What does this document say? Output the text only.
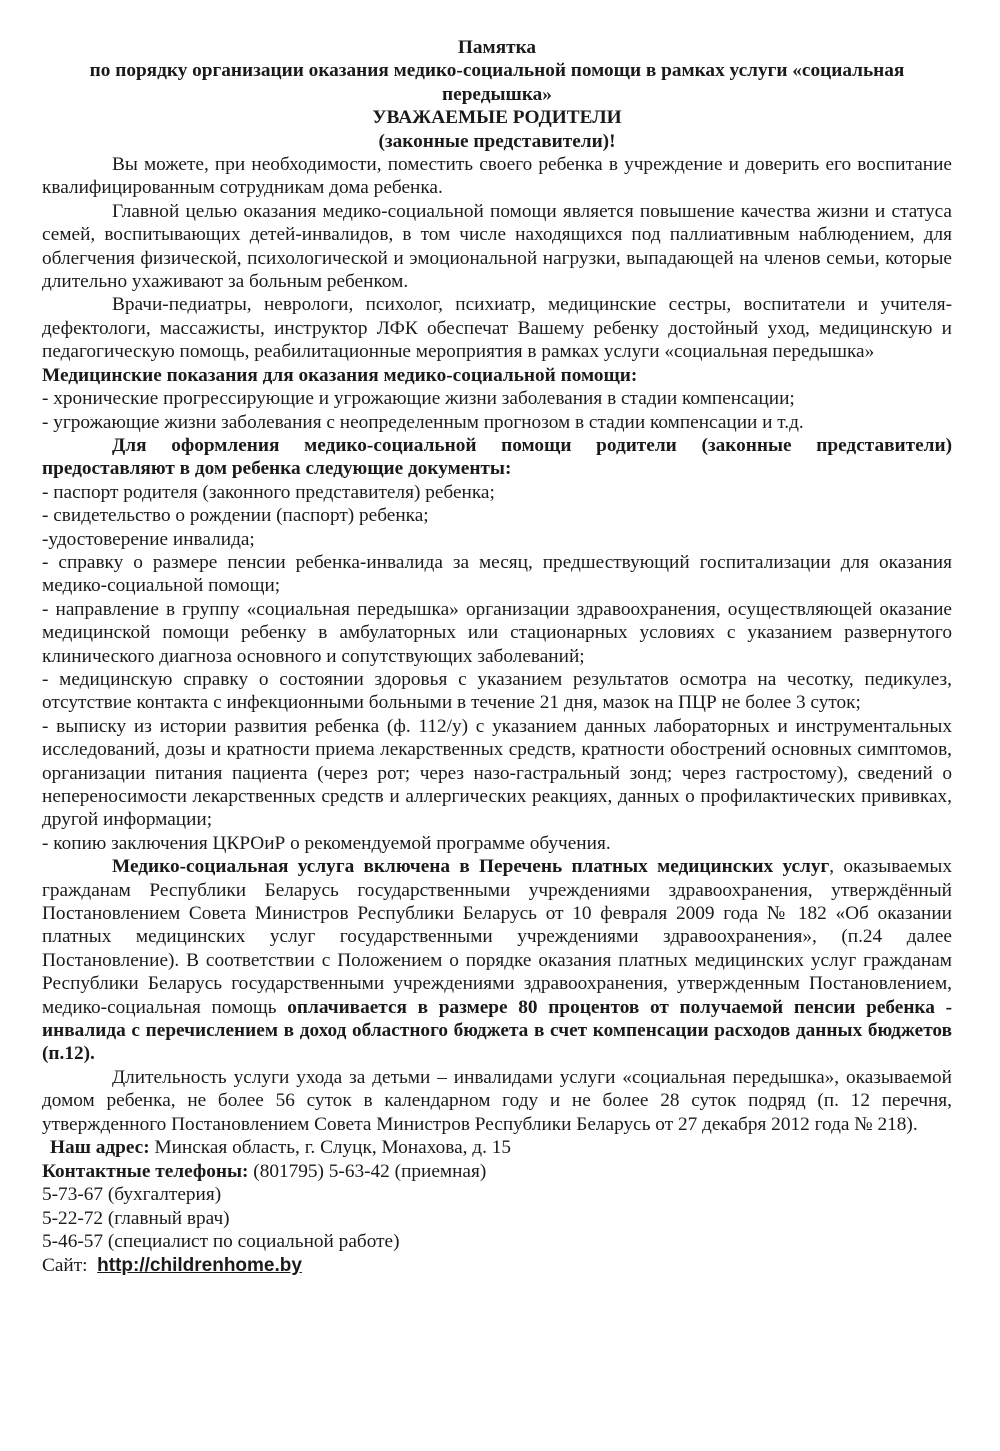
Памятка
по порядку организации оказания медико-социальной помощи в рамках услуги «социальная передышка»
УВАЖАЕМЫЕ РОДИТЕЛИ
(законные представители)!

Вы можете, при необходимости, поместить своего ребенка в учреждение и доверить его воспитание квалифицированным сотрудникам дома ребенка.

Главной целью оказания медико-социальной помощи является повышение качества жизни и статуса семей, воспитывающих детей-инвалидов, в том числе находящихся под паллиативным наблюдением, для облегчения физической, психологической и эмоциональной нагрузки, выпадающей на членов семьи, которые длительно ухаживают за больным ребенком.

Врачи-педиатры, неврологи, психолог, психиатр, медицинские сестры, воспитатели и учителя-дефектологи, массажисты, инструктор ЛФК обеспечат Вашему ребенку достойный уход, медицинскую и педагогическую помощь, реабилитационные мероприятия в рамках услуги «социальная передышка»

Медицинские показания для оказания медико-социальной помощи:

- хронические прогрессирующие и угрожающие жизни заболевания в стадии компенсации;

- угрожающие жизни заболевания с неопределенным прогнозом в стадии компенсации и т.д.

Для оформления медико-социальной помощи родители (законные представители) предоставляют в дом ребенка следующие документы:

- паспорт родителя (законного представителя) ребенка;

- свидетельство о рождении (паспорт) ребенка;

-удостоверение инвалида;

- справку о размере пенсии ребенка-инвалида за месяц, предшествующий госпитализации для оказания медико-социальной помощи;

- направление в группу «социальная передышка» организации здравоохранения, осуществляющей оказание медицинской помощи ребенку в амбулаторных или стационарных условиях с указанием развернутого клинического диагноза основного и сопутствующих заболеваний;

- медицинскую справку о состоянии здоровья с указанием результатов осмотра на чесотку, педикулез, отсутствие контакта с инфекционными больными в течение 21 дня, мазок на ПЦР не более 3 суток;

- выписку из истории развития ребенка (ф. 112/у) с указанием данных лабораторных и инструментальных исследований, дозы и кратности приема лекарственных средств, кратности обострений основных симптомов, организации питания пациента (через рот; через назо-гастральный зонд; через гастростому), сведений о непереносимости лекарственных средств и аллергических реакциях, данных о профилактических прививках, другой информации;

- копию заключения ЦКРОиР о рекомендуемой программе обучения.

Медико-социальная услуга включена в Перечень платных медицинских услуг, оказываемых гражданам Республики Беларусь государственными учреждениями здравоохранения, утверждённый Постановлением Совета Министров Республики Беларусь от 10 февраля 2009 года № 182 «Об оказании платных медицинских услуг государственными учреждениями здравоохранения», (п.24 далее Постановление). В соответствии с Положением о порядке оказания платных медицинских услуг гражданам Республики Беларусь государственными учреждениями здравоохранения, утвержденным Постановлением, медико-социальная помощь оплачивается в размере 80 процентов от получаемой пенсии ребенка - инвалида с перечислением в доход областного бюджета в счет компенсации расходов данных бюджетов (п.12).

Длительность услуги ухода за детьми – инвалидами услуги «социальная передышка», оказываемой домом ребенка, не более 56 суток в календарном году и не более 28 суток подряд (п. 12 перечня, утвержденного Постановлением Совета Министров Республики Беларусь от 27 декабря 2012 года № 218).

Наш адрес: Минская область, г. Слуцк, Монахова, д. 15
Контактные телефоны: (801795) 5-63-42 (приемная)
5-73-67 (бухгалтерия)
5-22-72 (главный врач)
5-46-57 (специалист по социальной работе)
Сайт:  http://childrenhome.by
